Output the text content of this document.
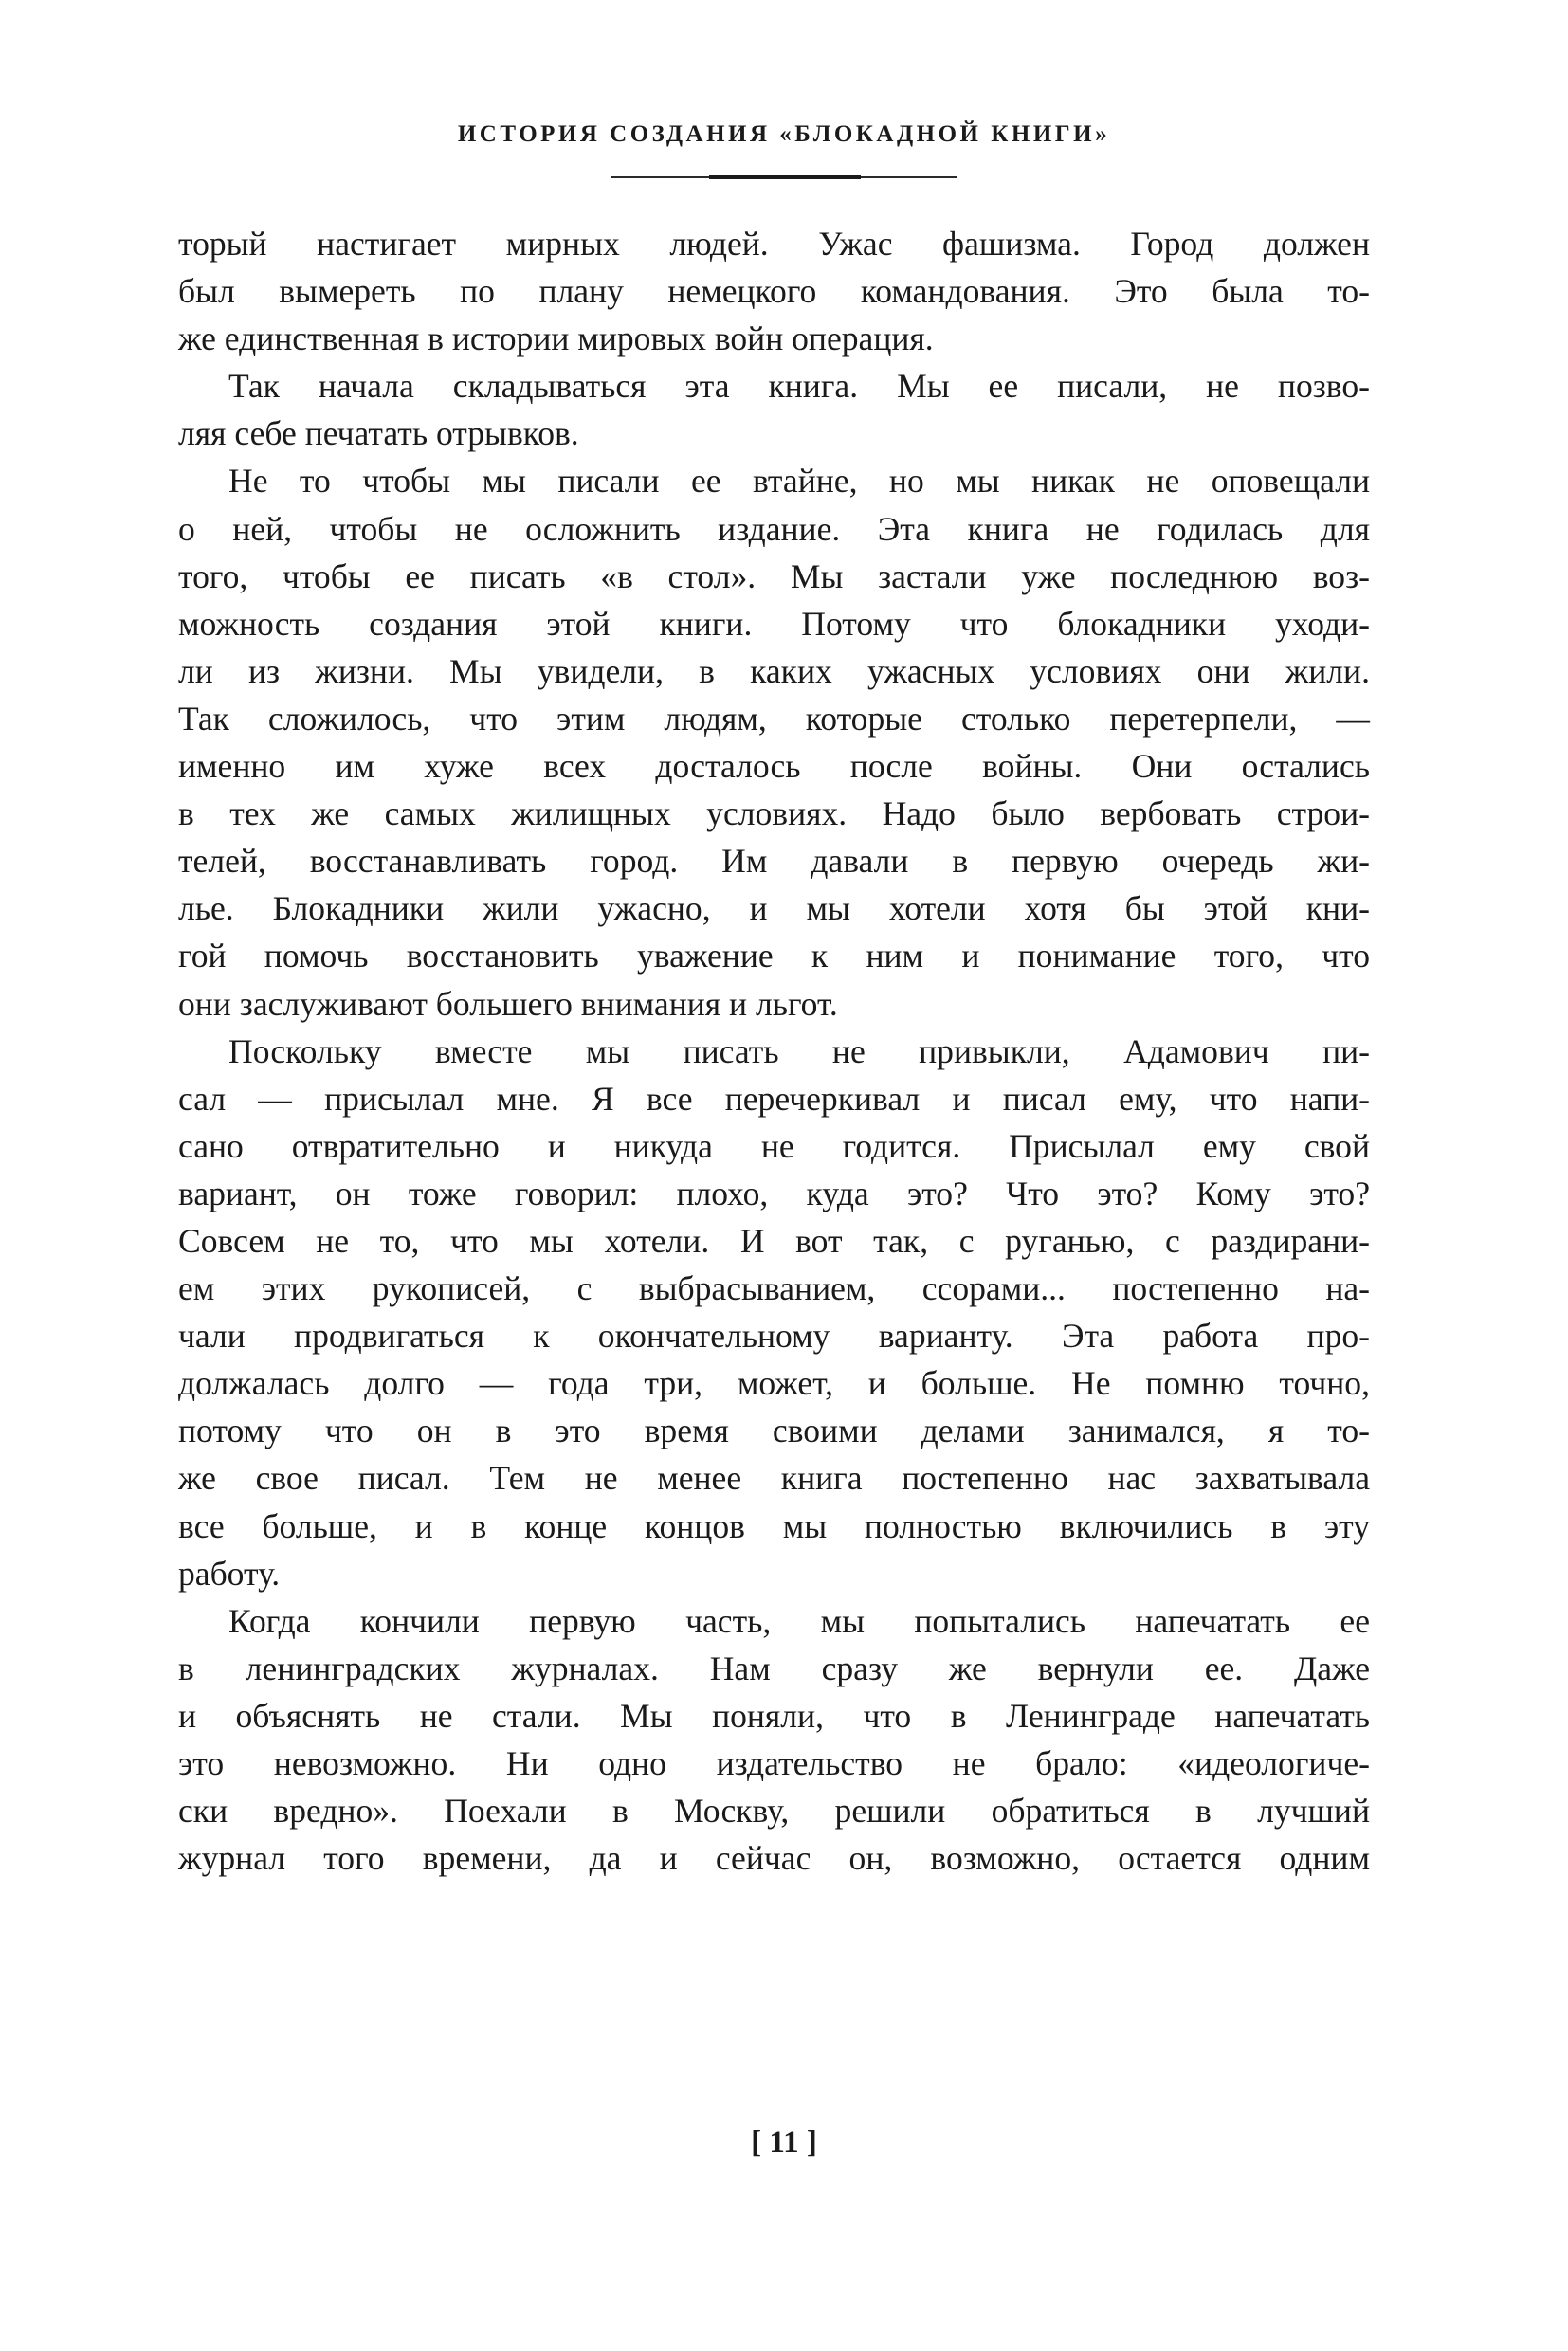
ИСТОРИЯ СОЗДАНИЯ «БЛОКАДНОЙ КНИГИ»
торый настигает мирных людей. Ужас фашизма. Город должен
был вымереть по плану немецкого командования. Это была то-
же единственная в истории мировых войн операция.
Так начала складываться эта книга. Мы ее писали, не позво-
ляя себе печатать отрывков.
Не то чтобы мы писали ее втайне, но мы никак не оповещали
о ней, чтобы не осложнить издание. Эта книга не годилась для
того, чтобы ее писать «в стол». Мы застали уже последнюю воз-
можность создания этой книги. Потому что блокадники уходи-
ли из жизни. Мы увидели, в каких ужасных условиях они жили.
Так сложилось, что этим людям, которые столько перетерпели, —
именно им хуже всех досталось после войны. Они остались
в тех же самых жилищных условиях. Надо было вербовать строи-
телей, восстанавливать город. Им давали в первую очередь жи-
лье. Блокадники жили ужасно, и мы хотели хотя бы этой кни-
гой помочь восстановить уважение к ним и понимание того, что
они заслуживают большего внимания и льгот.
Поскольку вместе мы писать не привыкли, Адамович пи-
сал — присылал мне. Я все перечеркивал и писал ему, что напи-
сано отвратительно и никуда не годится. Присылал ему свой
вариант, он тоже говорил: плохо, куда это? Что это? Кому это?
Совсем не то, что мы хотели. И вот так, с руганью, с раздирани-
ем этих рукописей, с выбрасыванием, ссорами... постепенно на-
чали продвигаться к окончательному варианту. Эта работа про-
должалась долго — года три, может, и больше. Не помню точно,
потому что он в это время своими делами занимался, я то-
же свое писал. Тем не менее книга постепенно нас захватывала
все больше, и в конце концов мы полностью включились в эту
работу.
Когда кончили первую часть, мы попытались напечатать ее
в ленинградских журналах. Нам сразу же вернули ее. Даже
и объяснять не стали. Мы поняли, что в Ленинграде напечатать
это невозможно. Ни одно издательство не брало: «идеологиче-
ски вредно». Поехали в Москву, решили обратиться в лучший
журнал того времени, да и сейчас он, возможно, остается одним
[ 11 ]
